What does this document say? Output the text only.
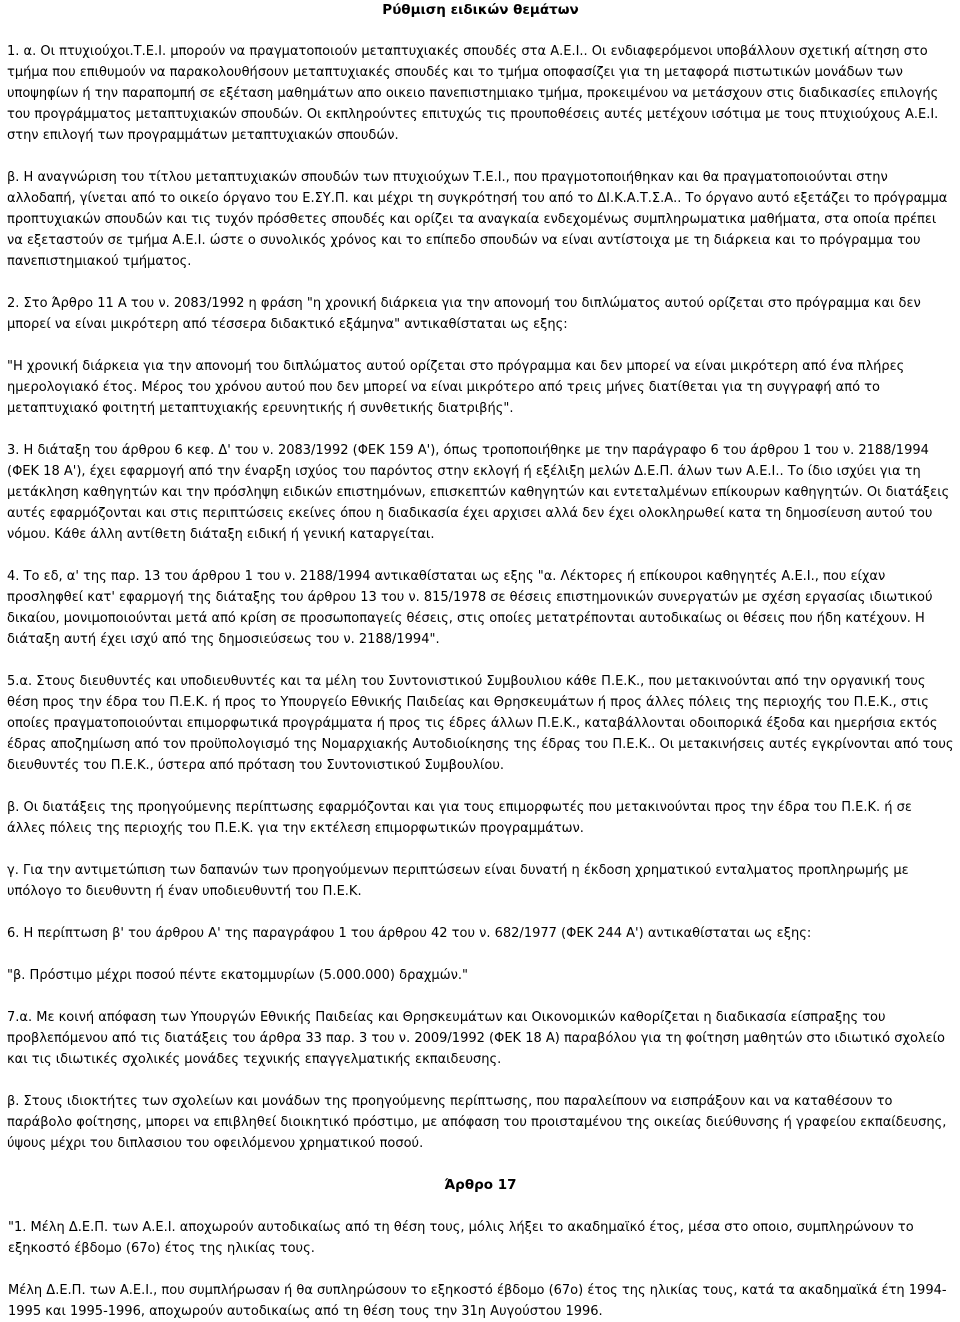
Ρύθμιση ειδικών θεμάτων

1. α. Οι πτυχιούχοι.Τ.Ε.Ι. μπορούν να πραγματοποιούν μεταπτυχιακές σπουδές στα Α.Ε.Ι.. Οι ενδιαφερόμενοι υποβάλλουν σχετική αίτηση στο τμήμα που επιθυμούν να παρακολουθήσουν μεταπτυχιακές σπουδές και το τμήμα οποφασίζει για τη μεταφορά πιστωτικών μονάδων των υποψηφίων ή την παραπομπή σε εξέταση μαθημάτων απο οικειο πανεπιστημιακο τμήμα, προκειμένου να μετάσχουν στις διαδικασίες επιλογής του προγράμματος μεταπτυχιακών σπουδών. Οι εκπληρούντες επιτυχώς τις προυποθέσεις αυτές μετέχουν ισότιμα με τους πτυχιούχους Α.Ε.Ι. στην επιλογή των προγραμμάτων μεταπτυχιακών σπουδών.

β. Η αναγνώριση του τίτλου μεταπτυχιακών σπουδών των πτυχιούχων Τ.Ε.Ι., που πραγμοτοποιήθηκαν και θα πραγματοποιούνται στην αλλοδαπή, γίνεται από το οικείο όργανο του Ε.ΣΥ.Π. και μέχρι τη συγκρότησή του από το ΔΙ.Κ.Α.Τ.Σ.Α.. Το όργανο αυτό εξετάζει το πρόγραμμα προπτυχιακών σπουδών και τις τυχόν πρόσθετες σπουδές και ορίζει τα αναγκαία ενδεχομένως συμπληρωματικα μαθήματα, στα οποία πρέπει να εξεταστούν σε τμήμα Α.Ε.Ι. ώστε ο συνολικός χρόνος και το επίπεδο σπουδών να είναι αντίστοιχα με τη διάρκεια και το πρόγραμμα του πανεπιστημιακού τμήματος.

2. Στο Άρθρο 11 Α του ν. 2083/1992 η φράση "η χρονική διάρκεια για την απονομή του διπλώματος αυτού ορίζεται στο πρόγραμμα και δεν μπορεί να είναι μικρότερη από τέσσερα διδακτικό εξάμηνα" αντικαθίσταται ως εξης:

"Η χρονική διάρκεια για την απονομή του διπλώματος αυτού ορίζεται στο πρόγραμμα και δεν μπορεί να είναι μικρότερη από ένα πλήρες ημερολογιακό έτος. Μέρος του χρόνου αυτού που δεν μπορεί να είναι μικρότερο από τρεις μήνες διατίθεται για τη συγγραφή από το μεταπτυχιακό φοιτητή μεταπτυχιακής ερευνητικής ή συνθετικής διατριβής".

3. Η διάταξη του άρθρου 6 κεφ. Δ' του ν. 2083/1992 (ΦΕΚ 159 Α'), όπως τροποποιήθηκε με την παράγραφο 6 του άρθρου 1 του ν. 2188/1994 (ΦΕΚ 18 Α'), έχει εφαρμογή από την έναρξη ισχύος του παρόντος στην εκλογή ή εξέλιξη μελών Δ.Ε.Π. άλων των Α.Ε.Ι.. Το ίδιο ισχύει για τη μετάκληση καθηγητών και την πρόσληψη ειδικών επιστημόνων, επισκεπτών καθηγητών και εντεταλμένων επίκουρων καθηγητών. Οι διατάξεις αυτές εφαρμόζονται και στις περιπτώσεις εκείνες όπου η διαδικασία έχει αρχισει αλλά δεν έχει ολοκληρωθεί κατα τη δημοσίευση αυτού του νόμου. Κάθε άλλη αντίθετη διάταξη ειδική ή γενική καταργείται.

4. Το εδ, α' της παρ. 13 του άρθρου 1 του ν. 2188/1994 αντικαθίσταται ως εξης "α. Λέκτορες ή επίκουροι καθηγητές Α.Ε.Ι., που είχαν προσληφθεί κατ' εφαρμογή της διάταξης του άρθρου 13 του ν. 815/1978 σε θέσεις επιστημονικών συνεργατών με σχέση εργασίας ιδιωτικού δικαίου, μονιμοποιούνται μετά από κρίση σε προσωποπαγείς θέσεις, στις οποίες μετατρέπονται αυτοδικαίως οι θέσεις που ήδη κατέχουν. Η διάταξη αυτή έχει ισχύ από της δημοσιεύσεως του ν. 2188/1994".

5.α. Στους διευθυντές και υποδιευθυντές και τα μέλη του Συντονιστικού Συμβουλιου κάθε Π.Ε.Κ., που μετακινούνται από την οργανική τους θέση προς την έδρα του Π.Ε.Κ. ή προς το Υπουργείο Εθνικής Παιδείας και Θρησκευμάτων ή προς άλλες πόλεις της περιοχής του Π.Ε.Κ., στις οποίες πραγματοποιούνται επιμορφωτικά προγράμματα ή προς τις έδρες άλλων Π.Ε.Κ., καταβάλλονται οδοιπορικά έξοδα και ημερήσια εκτός έδρας αποζημίωση από τον προϋπολογισμό της Νομαρχιακής Αυτοδιοίκησης της έδρας του Π.Ε.Κ.. Οι μετακινήσεις αυτές εγκρίνονται από τους διευθυντές του Π.Ε.Κ., ύστερα από πρόταση του Συντονιστικού Συμβουλίου.

β. Οι διατάξεις της προηγούμενης περίπτωσης εφαρμόζονται και για τους επιμορφωτές που μετακινούνται προς την έδρα του Π.Ε.Κ. ή σε άλλες πόλεις της περιοχής του Π.Ε.Κ. για την εκτέλεση επιμορφωτικών προγραμμάτων.

γ. Για την αντιμετώπιση των δαπανών των προηγούμενων περιπτώσεων είναι δυνατή η έκδοση χρηματικού ενταλματος προπληρωμής με υπόλογο το διευθυντη ή έναν υποδιευθυντή του Π.Ε.Κ.

6. Η περίπτωση β' του άρθρου Α' της παραγράφου 1 του άρθρου 42 του ν. 682/1977 (ΦΕΚ 244 Α') αντικαθίσταται ως εξης:

"β. Πρόστιμο μέχρι ποσού πέντε εκατομμυρίων (5.000.000) δραχμών."

7.α. Με κοινή απόφαση των Υπουργών Εθνικής Παιδείας και Θρησκευμάτων και Οικονομικών καθορίζεται η διαδικασία είσπραξης του προβλεπόμενου από τις διατάξεις του άρθρα 33 παρ. 3 του ν. 2009/1992 (ΦΕΚ 18 Α) παραβόλου για τη φοίτηση μαθητών στο ιδιωτικό σχολείο και τις ιδιωτικές σχολικές μονάδες τεχνικής επαγγελματικής εκπαιδευσης.

β. Στους ιδιοκτήτες των σχολείων και μονάδων της προηγούμενης περίπτωσης, που παραλείπουν να εισπράξουν και να καταθέσουν το παράβολο φοίτησης, μπορει να επιβληθεί διοικητικό πρόστιμο, με απόφαση του προισταμένου της οικείας διεύθυνσης ή γραφείου εκπαίδευσης, ύψους μέχρι του διπλασιου του οφειλόμενου χρηματικού ποσού.

Άρθρο 17

"1. Μέλη Δ.Ε.Π. των Α.Ε.Ι. αποχωρούν αυτοδικαίως από τη θέση τους, μόλις λήξει το ακαδημαϊκό έτος, μέσα στο οποιο, συμπληρώνουν το εξηκοστό έβδομο (67ο) έτος της ηλικίας τους.

Μέλη Δ.Ε.Π. των Α.Ε.Ι., που συμπλήρωσαν ή θα συπληρώσουν το εξηκοστό έβδομο (67ο) έτος της ηλικίας τους, κατά τα ακαδημαϊκά έτη 1994-1995 και 1995-1996, αποχωρούν αυτοδικαίως από τη θέση τους την 31η Αυγούστου 1996.
